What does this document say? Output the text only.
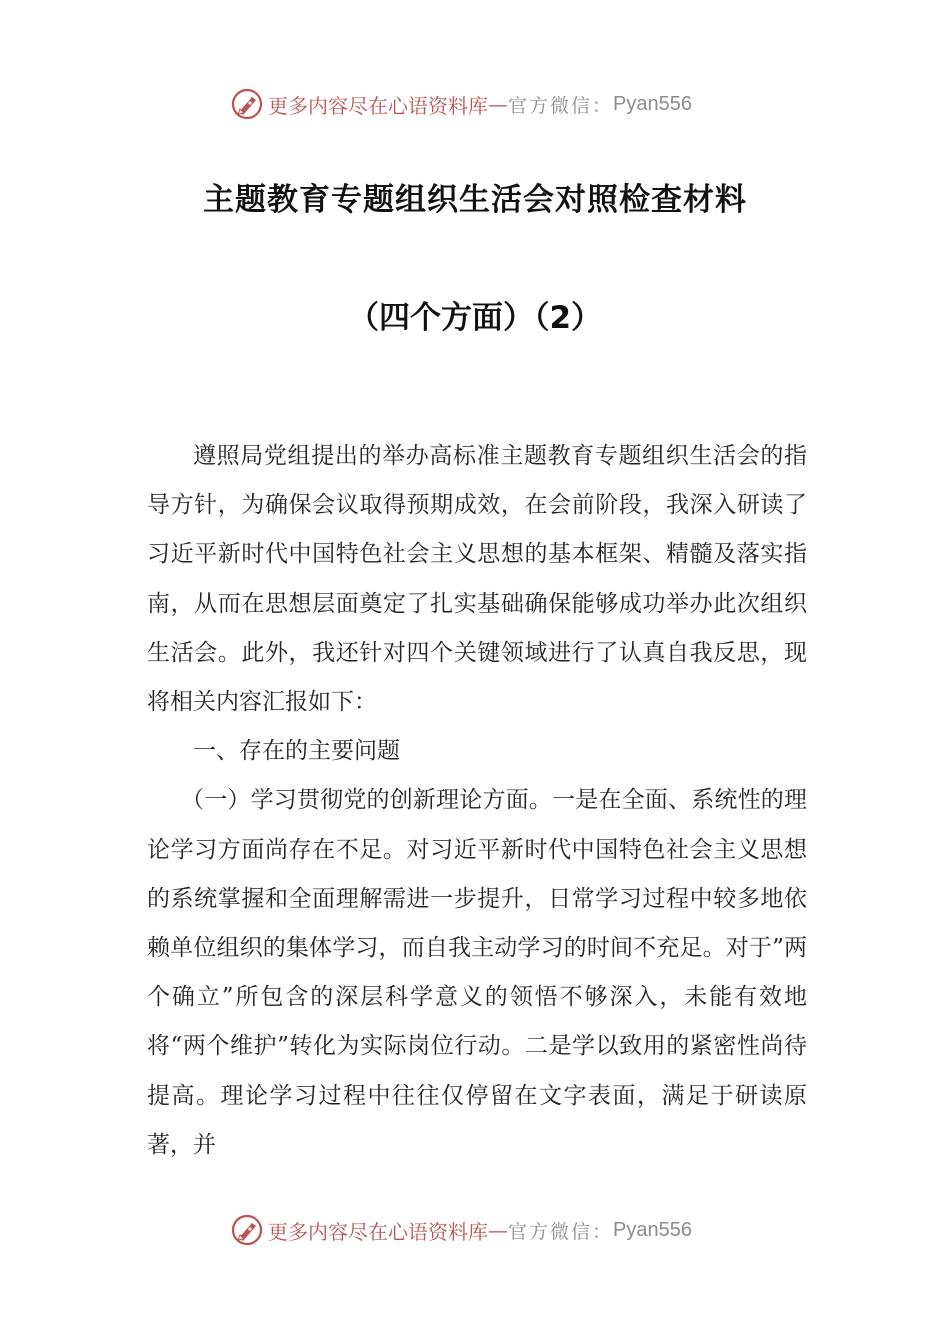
更多内容尽在心语资料库 — 官方微信： Pyan556
主题教育专题组织生活会对照检查材料
（四个方面）（2）

遵照局党组提出的举办高标准主题教育专题组织生活会的指导方针，为确保会议取得预期成效，在会前阶段，我深入研读了习近平新时代中国特色社会主义思想的基本框架、精髓及落实指南，从而在思想层面奠定了扎实基础确保能够成功举办此次组织生活会。此外，我还针对四个关键领域进行了认真自我反思，现将相关内容汇报如下：

一、存在的主要问题

（一）学习贯彻党的创新理论方面。一是在全面、系统性的理论学习方面尚存在不足。对习近平新时代中国特色社会主义思想的系统掌握和全面理解需进一步提升，日常学习过程中较多地依赖单位组织的集体学习，而自我主动学习的时间不充足。对于”两个确立”所包含的深层科学意义的领悟不够深入，未能有效地将“两个维护”转化为实际岗位行动。二是学以致用的紧密性尚待提高。理论学习过程中往往仅停留在文字表面，满足于研读原著，并

更多内容尽在心语资料库 — 官方微信： Pyan556
